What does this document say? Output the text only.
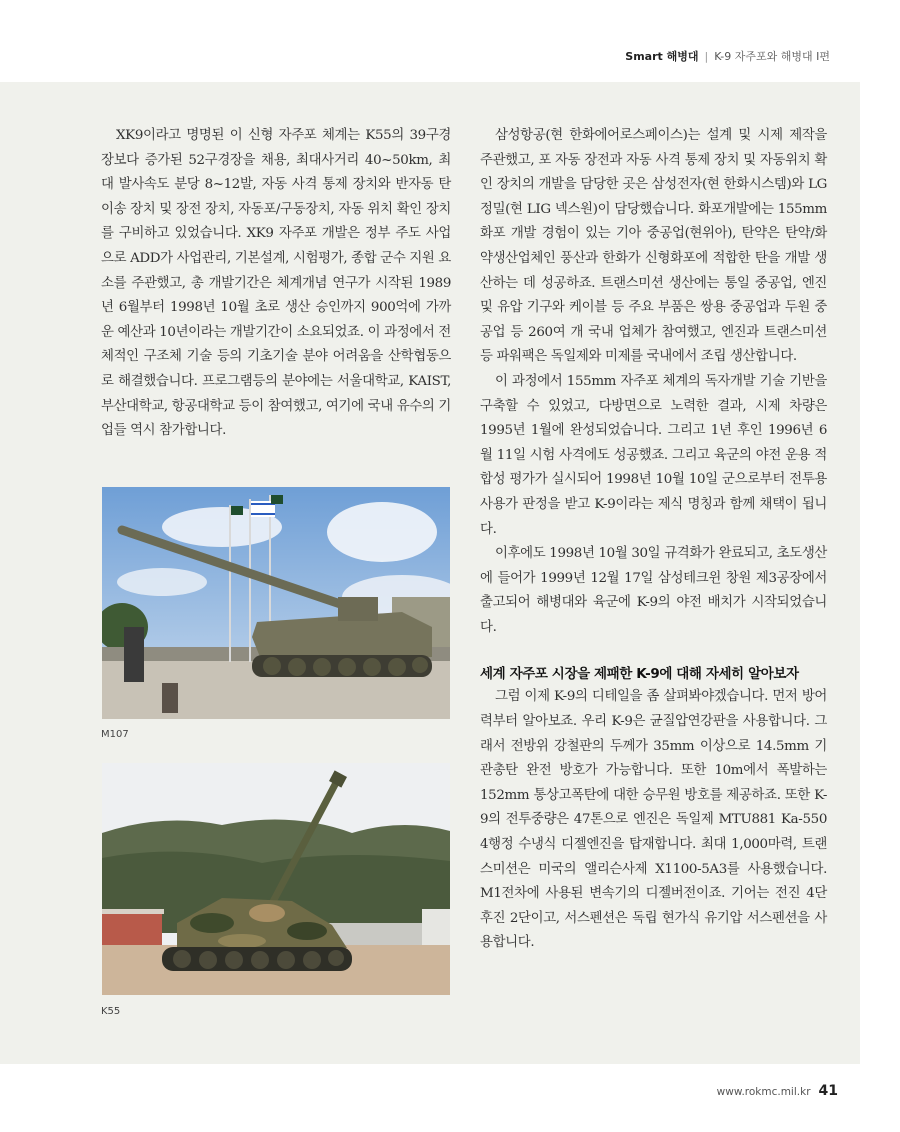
Smart 해병대 | K-9 자주포와 해병대 Ⅰ편

XK9이라고 명명된 이 신형 자주포 체계는 K55의 39구경장보다 증가된 52구경장을 채용, 최대사거리 40~50km, 최대 발사속도 분당 8~12발, 자동 사격 통제 장치와 반자동 탄 이송 장치 및 장전 장치, 자동포/구동장치, 자동 위치 확인 장치를 구비하고 있었습니다. XK9 자주포 개발은 정부 주도 사업으로 ADD가 사업관리, 기본설계, 시험평가, 종합 군수 지원 요소를 주관했고, 총 개발기간은 체계개념 연구가 시작된 1989년 6월부터 1998년 10월 초로 생산 승인까지 900억에 가까운 예산과 10년이라는 개발기간이 소요되었죠. 이 과정에서 전체적인 구조체 기술 등의 기초기술 분야 어려움을 산학협동으로 해결했습니다. 프로그램등의 분야에는 서울대학교, KAIST, 부산대학교, 항공대학교 등이 참여했고, 여기에 국내 유수의 기업들 역시 참가합니다.

M107
K55

삼성항공(현 한화에어로스페이스)는 설계 및 시제 제작을 주관했고, 포 자동 장전과 자동 사격 통제 장치 및 자동위치 확인 장치의 개발을 담당한 곳은 삼성전자(현 한화시스템)와 LG정밀(현 LIG 넥스원)이 담당했습니다. 화포개발에는 155mm 화포 개발 경험이 있는 기아 중공업(현위아), 탄약은 탄약/화약생산업체인 풍산과 한화가 신형화포에 적합한 탄을 개발 생산하는 데 성공하죠. 트랜스미션 생산에는 통일 중공업, 엔진 및 유압 기구와 케이블 등 주요 부품은 쌍용 중공업과 두원 중공업 등 260여 개 국내 업체가 참여했고, 엔진과 트랜스미션 등 파워팩은 독일제와 미제를 국내에서 조립 생산합니다.

이 과정에서 155mm 자주포 체계의 독자개발 기술 기반을 구축할 수 있었고, 다방면으로 노력한 결과, 시제 차량은 1995년 1월에 완성되었습니다. 그리고 1년 후인 1996년 6월 11일 시험 사격에도 성공했죠. 그리고 육군의 야전 운용 적합성 평가가 실시되어 1998년 10월 10일 군으로부터 전투용 사용가 판정을 받고 K-9이라는 제식 명칭과 함께 채택이 됩니다.

이후에도 1998년 10월 30일 규격화가 완료되고, 초도생산에 들어가 1999년 12월 17일 삼성테크윈 창원 제3공장에서 출고되어 해병대와 육군에 K-9의 야전 배치가 시작되었습니다.

세계 자주포 시장을 제패한 K-9에 대해 자세히 알아보자

그럼 이제 K-9의 디테일을 좀 살펴봐야겠습니다. 먼저 방어력부터 알아보죠. 우리 K-9은 균질압연강판을 사용합니다. 그래서 전방위 강철판의 두께가 35mm 이상으로 14.5mm 기관총탄 완전 방호가 가능합니다. 또한 10m에서 폭발하는 152mm 통상고폭탄에 대한 승무원 방호를 제공하죠. 또한 K-9의 전투중량은 47톤으로 엔진은 독일제 MTU881 Ka-550 4행정 수냉식 디젤엔진을 탑재합니다. 최대 1,000마력, 트랜스미션은 미국의 앨리슨사제 X1100-5A3를 사용했습니다. M1전차에 사용된 변속기의 디젤버전이죠. 기어는 전진 4단 후진 2단이고, 서스펜션은 독립 현가식 유기압 서스펜션을 사용합니다.

www.rokmc.mil.kr 41
